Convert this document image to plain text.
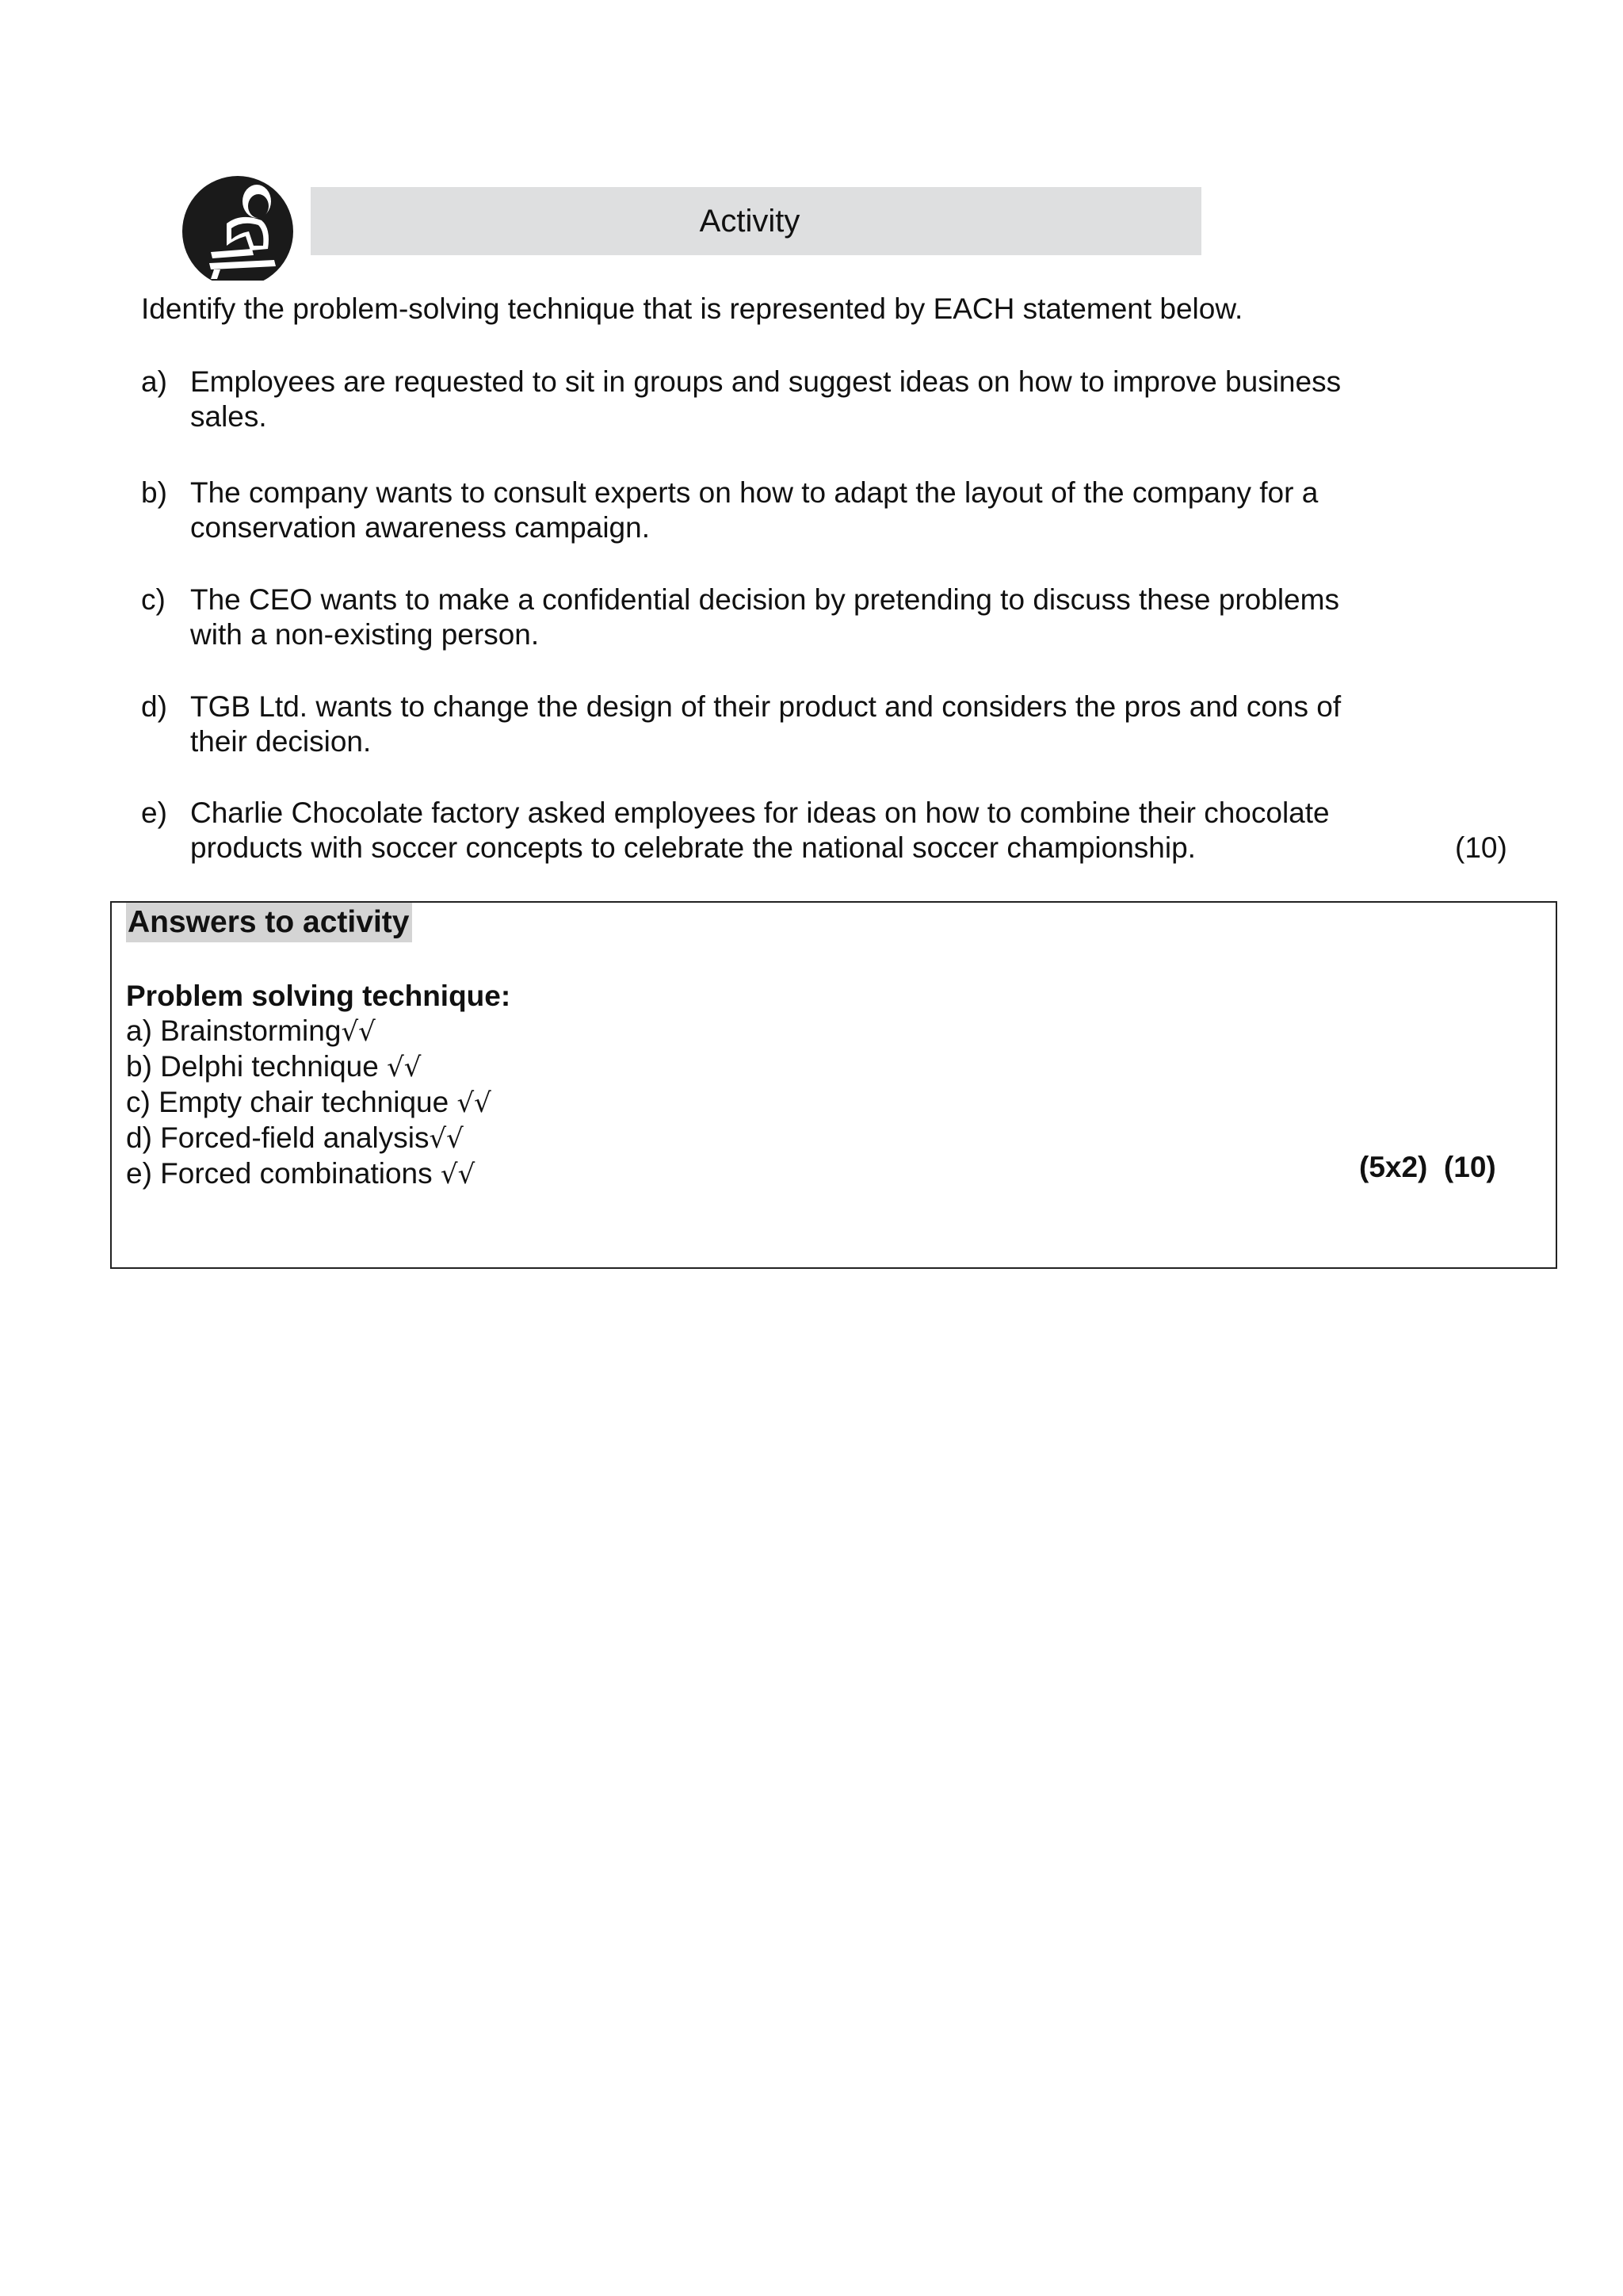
Activity
Identify the problem-solving technique that is represented by EACH statement below.
a) Employees are requested to sit in groups and suggest ideas on how to improve business
sales.
b) The company wants to consult experts on how to adapt the layout of the company for a
conservation awareness campaign.
c) The CEO wants to make a confidential decision by pretending to discuss these problems
with a non-existing person.
d) TGB Ltd. wants to change the design of their product and considers the pros and cons of
their decision.
e) Charlie Chocolate factory asked employees for ideas on how to combine their chocolate
products with soccer concepts to celebrate the national soccer championship.	(10)
Answers to activity
Problem solving technique:
a) Brainstorming√√
b) Delphi technique √√
c) Empty chair technique √√
d) Forced-field analysis√√
e) Forced combinations √√	(5x2)  (10)
